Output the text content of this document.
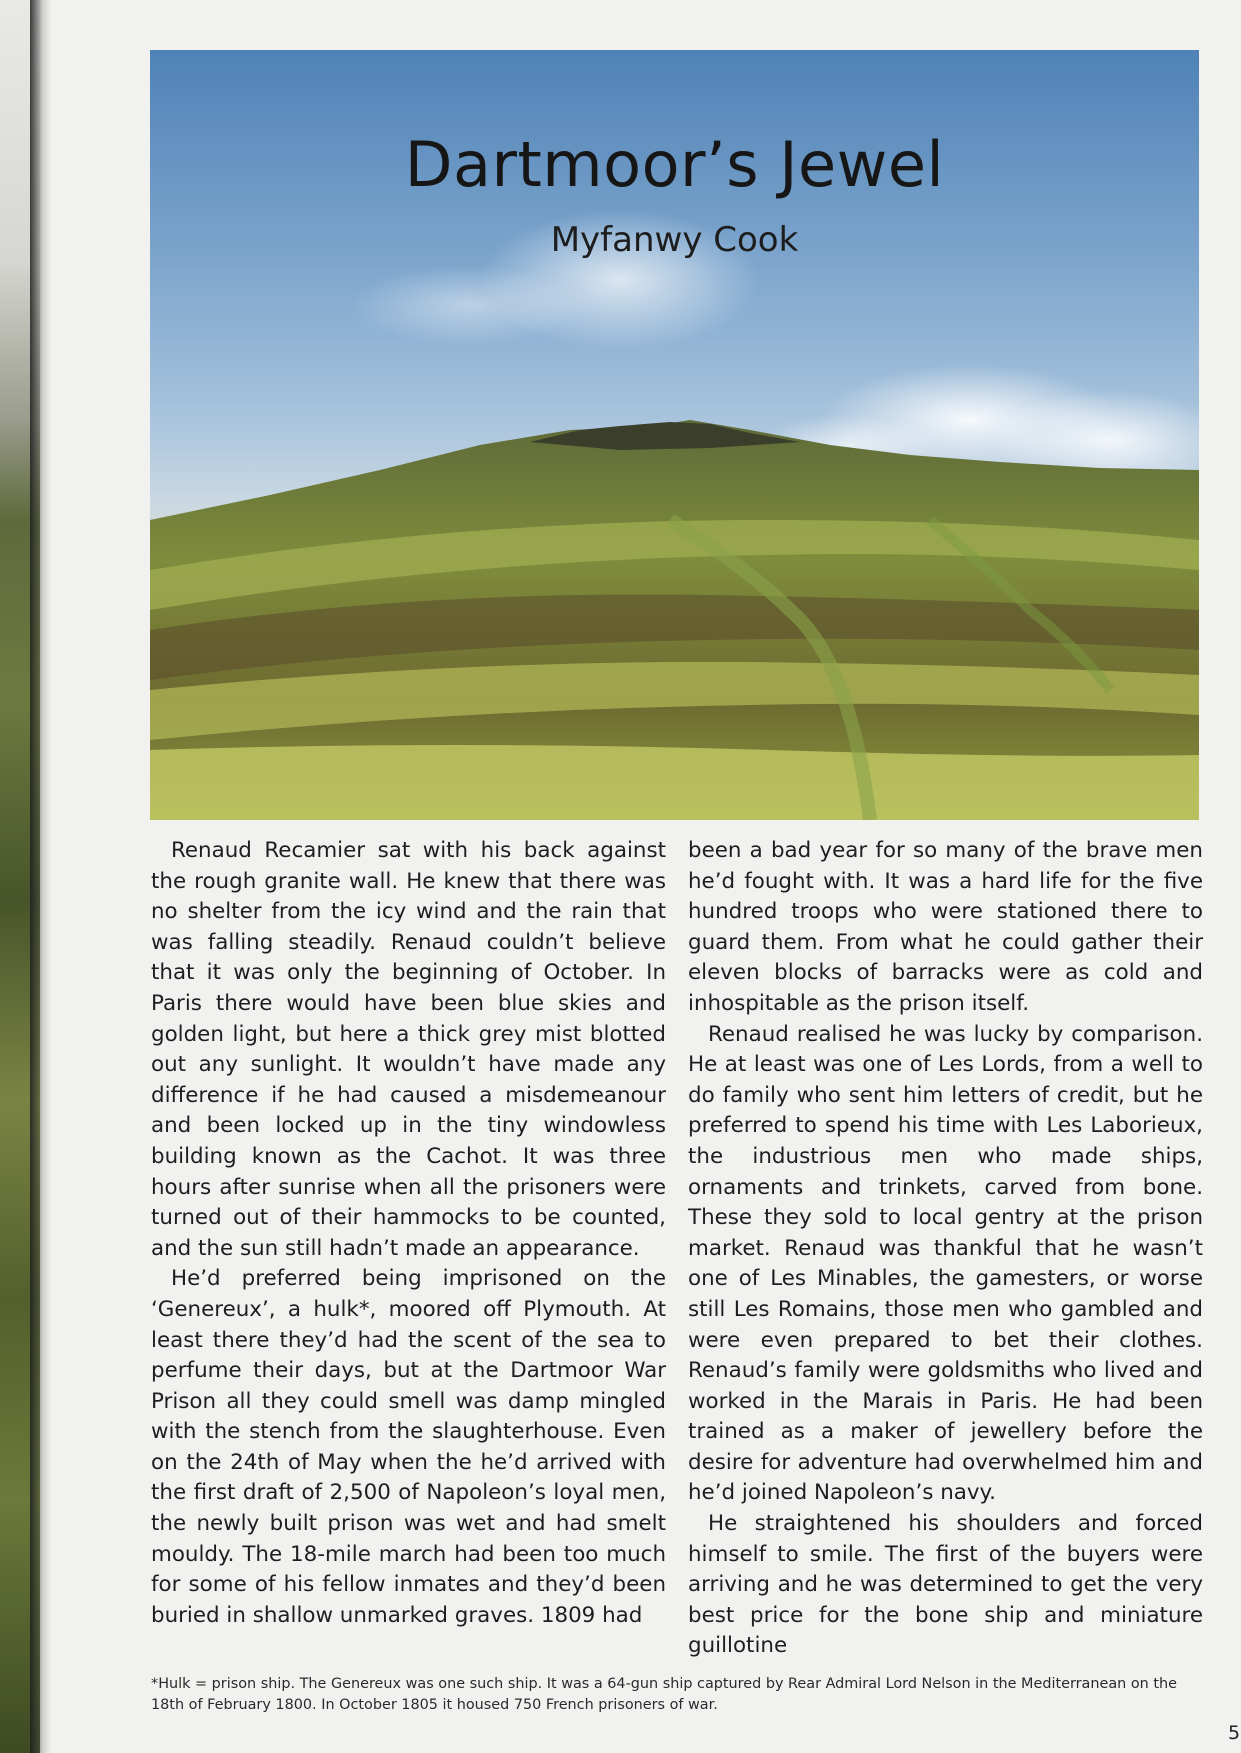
Dartmoor’s Jewel
Myfanwy Cook

Renaud Recamier sat with his back against the rough granite wall. He knew that there was no shelter from the icy wind and the rain that was falling steadily. Renaud couldn’t believe that it was only the beginning of October. In Paris there would have been blue skies and golden light, but here a thick grey mist blotted out any sunlight. It wouldn’t have made any difference if he had caused a misdemeanour and been locked up in the tiny windowless building known as the Cachot. It was three hours after sunrise when all the prisoners were turned out of their hammocks to be counted, and the sun still hadn’t made an appearance.

He’d preferred being imprisoned on the ‘Genereux’, a hulk*, moored off Plymouth. At least there they’d had the scent of the sea to perfume their days, but at the Dartmoor War Prison all they could smell was damp mingled with the stench from the slaughterhouse. Even on the 24th of May when the he’d arrived with the first draft of 2,500 of Napoleon’s loyal men, the newly built prison was wet and had smelt mouldy. The 18-mile march had been too much for some of his fellow inmates and they’d been buried in shallow unmarked graves. 1809 had

been a bad year for so many of the brave men he’d fought with. It was a hard life for the five hundred troops who were stationed there to guard them. From what he could gather their eleven blocks of barracks were as cold and inhospitable as the prison itself.

Renaud realised he was lucky by comparison. He at least was one of Les Lords, from a well to do family who sent him letters of credit, but he preferred to spend his time with Les Laborieux, the industrious men who made ships, ornaments and trinkets, carved from bone. These they sold to local gentry at the prison market. Renaud was thankful that he wasn’t one of Les Minables, the gamesters, or worse still Les Romains, those men who gambled and were even prepared to bet their clothes. Renaud’s family were goldsmiths who lived and worked in the Marais in Paris. He had been trained as a maker of jewellery before the desire for adventure had overwhelmed him and he’d joined Napoleon’s navy.

He straightened his shoulders and forced himself to smile. The first of the buyers were arriving and he was determined to get the very best price for the bone ship and miniature guillotine

*Hulk = prison ship. The Genereux was one such ship. It was a 64-gun ship captured by Rear Admiral Lord Nelson in the Mediterranean on the 18th of February 1800. In October 1805 it housed 750 French prisoners of war.

5
